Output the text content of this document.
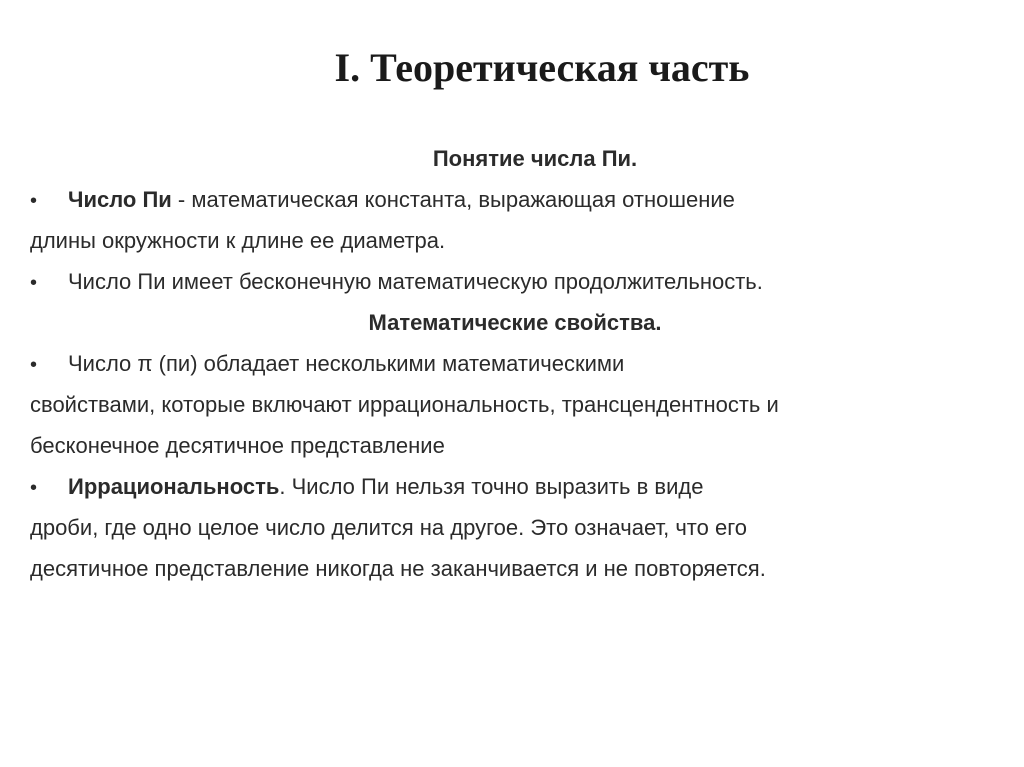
I. Теоретическая часть
Понятие числа Пи.
• Число Пи - математическая константа, выражающая отношение
длины окружности к длине ее диаметра.
• Число Пи имеет бесконечную математическую продолжительность.
Математические свойства.
• Число π (пи) обладает несколькими математическими
свойствами, которые включают иррациональность, трансцендентность и
бесконечное десятичное представление
• Иррациональность. Число Пи нельзя точно выразить в виде
дроби, где одно целое число делится на другое. Это означает, что его
десятичное представление никогда не заканчивается и не повторяется.
